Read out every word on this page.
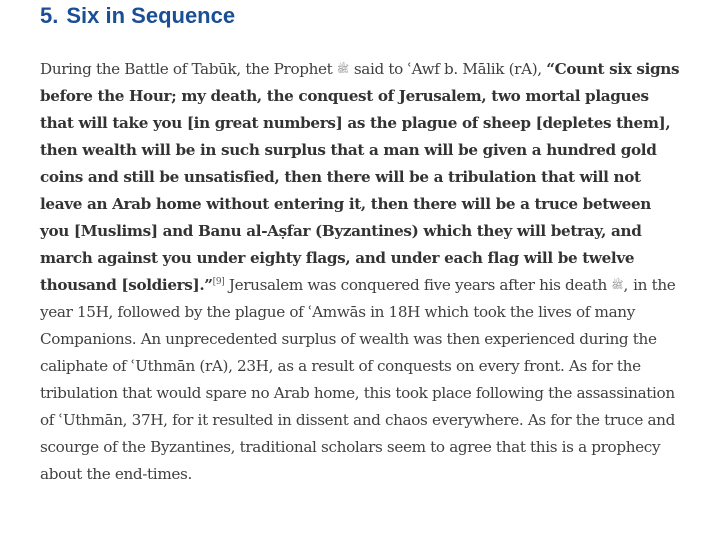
5. Six in Sequence

During the Battle of Tabūk, the Prophet ﷺ said to ʿAwf b. Mālik (rA), “Count six signs before the Hour; my death, the conquest of Jerusalem, two mortal plagues that will take you [in great numbers] as the plague of sheep [depletes them], then wealth will be in such surplus that a man will be given a hundred gold coins and still be unsatisfied, then there will be a tribulation that will not leave an Arab home without entering it, then there will be a truce between you [Muslims] and Banu al-Aṣfar (Byzantines) which they will betray, and march against you under eighty flags, and under each flag will be twelve thousand [soldiers].”[9] Jerusalem was conquered five years after his death ﷺ, in the year 15H, followed by the plague of ʿAmwās in 18H which took the lives of many Companions. An unprecedented surplus of wealth was then experienced during the caliphate of ʿUthmān (rA), 23H, as a result of conquests on every front. As for the tribulation that would spare no Arab home, this took place following the assassination of ʿUthmān, 37H, for it resulted in dissent and chaos everywhere. As for the truce and scourge of the Byzantines, traditional scholars seem to agree that this is a prophecy about the end-times.
